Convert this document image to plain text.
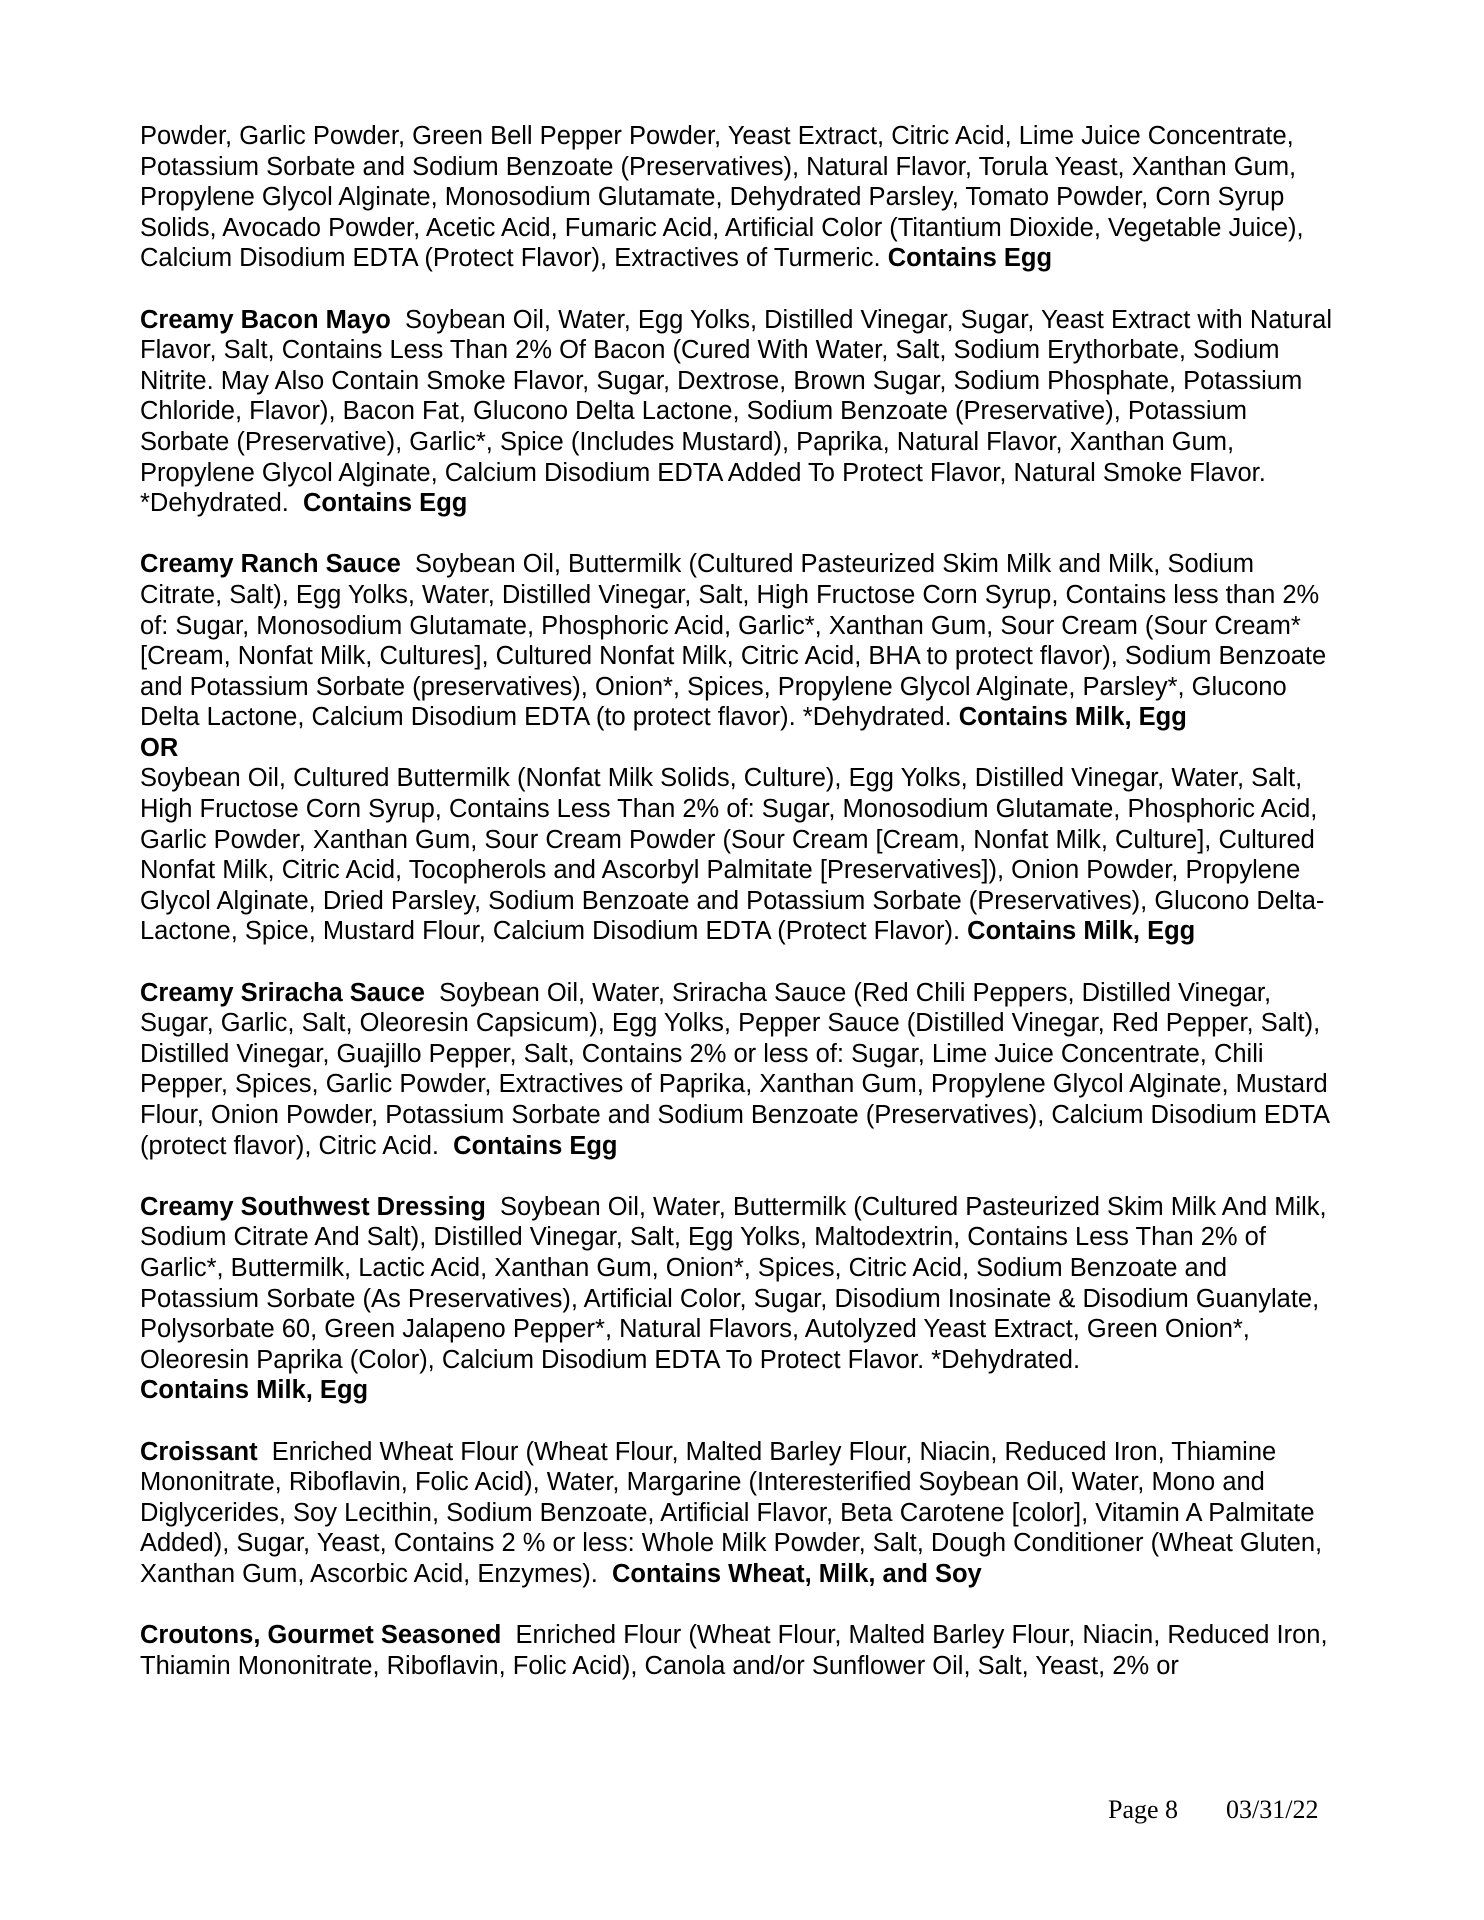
Powder, Garlic Powder, Green Bell Pepper Powder, Yeast Extract, Citric Acid, Lime Juice Concentrate, Potassium Sorbate and Sodium Benzoate (Preservatives), Natural Flavor, Torula Yeast, Xanthan Gum, Propylene Glycol Alginate, Monosodium Glutamate, Dehydrated Parsley, Tomato Powder, Corn Syrup Solids, Avocado Powder, Acetic Acid, Fumaric Acid, Artificial Color (Titantium Dioxide, Vegetable Juice), Calcium Disodium EDTA (Protect Flavor), Extractives of Turmeric. Contains Egg

Creamy Bacon Mayo Soybean Oil, Water, Egg Yolks, Distilled Vinegar, Sugar, Yeast Extract with Natural Flavor, Salt, Contains Less Than 2% Of Bacon (Cured With Water, Salt, Sodium Erythorbate, Sodium Nitrite. May Also Contain Smoke Flavor, Sugar, Dextrose, Brown Sugar, Sodium Phosphate, Potassium Chloride, Flavor), Bacon Fat, Glucono Delta Lactone, Sodium Benzoate (Preservative), Potassium Sorbate (Preservative), Garlic*, Spice (Includes Mustard), Paprika, Natural Flavor, Xanthan Gum, Propylene Glycol Alginate, Calcium Disodium EDTA Added To Protect Flavor, Natural Smoke Flavor. *Dehydrated. Contains Egg

Creamy Ranch Sauce Soybean Oil, Buttermilk (Cultured Pasteurized Skim Milk and Milk, Sodium Citrate, Salt), Egg Yolks, Water, Distilled Vinegar, Salt, High Fructose Corn Syrup, Contains less than 2% of: Sugar, Monosodium Glutamate, Phosphoric Acid, Garlic*, Xanthan Gum, Sour Cream (Sour Cream* [Cream, Nonfat Milk, Cultures], Cultured Nonfat Milk, Citric Acid, BHA to protect flavor), Sodium Benzoate and Potassium Sorbate (preservatives), Onion*, Spices, Propylene Glycol Alginate, Parsley*, Glucono Delta Lactone, Calcium Disodium EDTA (to protect flavor). *Dehydrated. Contains Milk, Egg
OR
Soybean Oil, Cultured Buttermilk (Nonfat Milk Solids, Culture), Egg Yolks, Distilled Vinegar, Water, Salt, High Fructose Corn Syrup, Contains Less Than 2% of: Sugar, Monosodium Glutamate, Phosphoric Acid, Garlic Powder, Xanthan Gum, Sour Cream Powder (Sour Cream [Cream, Nonfat Milk, Culture], Cultured Nonfat Milk, Citric Acid, Tocopherols and Ascorbyl Palmitate [Preservatives]), Onion Powder, Propylene Glycol Alginate, Dried Parsley, Sodium Benzoate and Potassium Sorbate (Preservatives), Glucono Delta-Lactone, Spice, Mustard Flour, Calcium Disodium EDTA (Protect Flavor). Contains Milk, Egg

Creamy Sriracha Sauce Soybean Oil, Water, Sriracha Sauce (Red Chili Peppers, Distilled Vinegar, Sugar, Garlic, Salt, Oleoresin Capsicum), Egg Yolks, Pepper Sauce (Distilled Vinegar, Red Pepper, Salt), Distilled Vinegar, Guajillo Pepper, Salt, Contains 2% or less of: Sugar, Lime Juice Concentrate, Chili Pepper, Spices, Garlic Powder, Extractives of Paprika, Xanthan Gum, Propylene Glycol Alginate, Mustard Flour, Onion Powder, Potassium Sorbate and Sodium Benzoate (Preservatives), Calcium Disodium EDTA (protect flavor), Citric Acid. Contains Egg

Creamy Southwest Dressing Soybean Oil, Water, Buttermilk (Cultured Pasteurized Skim Milk And Milk, Sodium Citrate And Salt), Distilled Vinegar, Salt, Egg Yolks, Maltodextrin, Contains Less Than 2% of Garlic*, Buttermilk, Lactic Acid, Xanthan Gum, Onion*, Spices, Citric Acid, Sodium Benzoate and Potassium Sorbate (As Preservatives), Artificial Color, Sugar, Disodium Inosinate & Disodium Guanylate, Polysorbate 60, Green Jalapeno Pepper*, Natural Flavors, Autolyzed Yeast Extract, Green Onion*, Oleoresin Paprika (Color), Calcium Disodium EDTA To Protect Flavor. *Dehydrated.
Contains Milk, Egg

Croissant Enriched Wheat Flour (Wheat Flour, Malted Barley Flour, Niacin, Reduced Iron, Thiamine Mononitrate, Riboflavin, Folic Acid), Water, Margarine (Interesterified Soybean Oil, Water, Mono and Diglycerides, Soy Lecithin, Sodium Benzoate, Artificial Flavor, Beta Carotene [color], Vitamin A Palmitate Added), Sugar, Yeast, Contains 2 % or less: Whole Milk Powder, Salt, Dough Conditioner (Wheat Gluten, Xanthan Gum, Ascorbic Acid, Enzymes). Contains Wheat, Milk, and Soy

Croutons, Gourmet Seasoned Enriched Flour (Wheat Flour, Malted Barley Flour, Niacin, Reduced Iron, Thiamin Mononitrate, Riboflavin, Folic Acid), Canola and/or Sunflower Oil, Salt, Yeast, 2% or

Page 8 03/31/22
